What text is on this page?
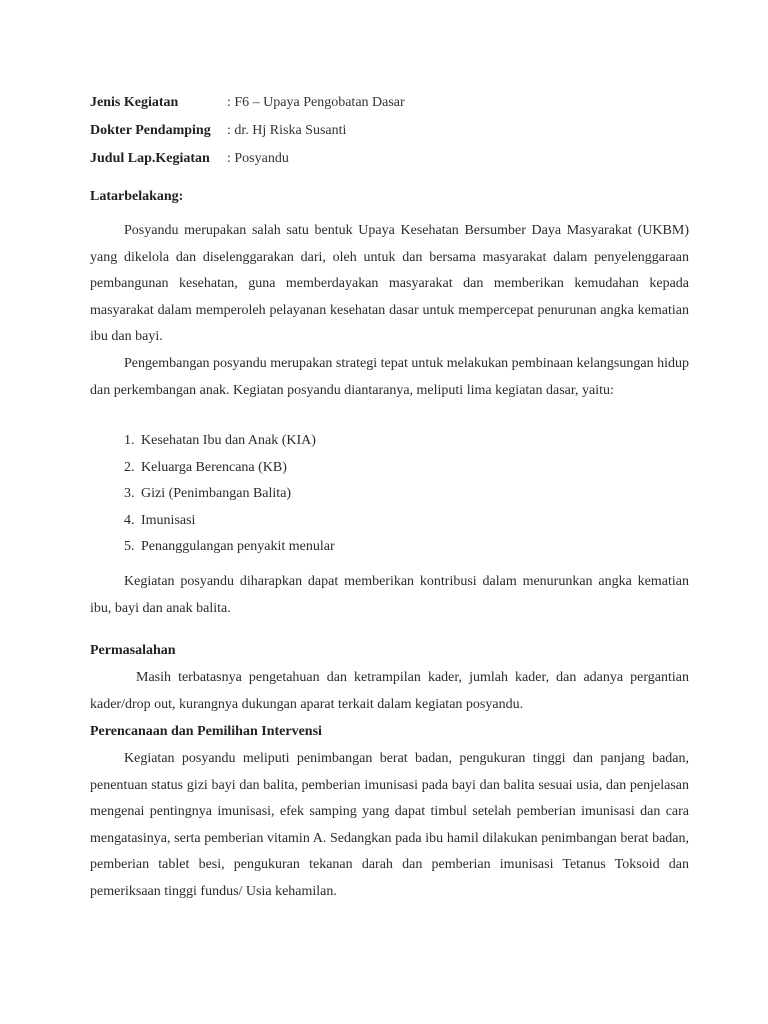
Jenis Kegiatan	: F6 – Upaya Pengobatan Dasar
Dokter Pendamping : dr. Hj Riska Susanti
Judul Lap.Kegiatan : Posyandu
Latarbelakang:

Posyandu merupakan salah satu bentuk Upaya Kesehatan Bersumber Daya Masyarakat (UKBM) yang dikelola dan diselenggarakan dari, oleh untuk dan bersama masyarakat dalam penyelenggaraan pembangunan kesehatan, guna memberdayakan masyarakat dan memberikan kemudahan kepada masyarakat dalam memperoleh pelayanan kesehatan dasar untuk mempercepat penurunan angka kematian ibu dan bayi.

Pengembangan posyandu merupakan strategi tepat untuk melakukan pembinaan kelangsungan hidup dan perkembangan anak. Kegiatan posyandu diantaranya, meliputi lima kegiatan dasar, yaitu:

1. Kesehatan Ibu dan Anak (KIA)
2. Keluarga Berencana (KB)
3. Gizi (Penimbangan Balita)
4. Imunisasi
5. Penanggulangan penyakit menular

Kegiatan posyandu diharapkan dapat memberikan kontribusi dalam menurunkan angka kematian ibu, bayi dan anak balita.

Permasalahan

Masih terbatasnya pengetahuan dan ketrampilan kader, jumlah kader, dan adanya pergantian kader/drop out, kurangnya dukungan aparat terkait dalam kegiatan posyandu.

Perencanaan dan Pemilihan Intervensi

Kegiatan posyandu meliputi penimbangan berat badan, pengukuran tinggi dan panjang badan, penentuan status gizi bayi dan balita, pemberian imunisasi pada bayi dan balita sesuai usia, dan penjelasan mengenai pentingnya imunisasi, efek samping yang dapat timbul setelah pemberian imunisasi dan cara mengatasinya, serta pemberian vitamin A. Sedangkan pada ibu hamil dilakukan penimbangan berat badan, pemberian tablet besi, pengukuran tekanan darah dan pemberian imunisasi Tetanus Toksoid dan pemeriksaan tinggi fundus/ Usia kehamilan.
